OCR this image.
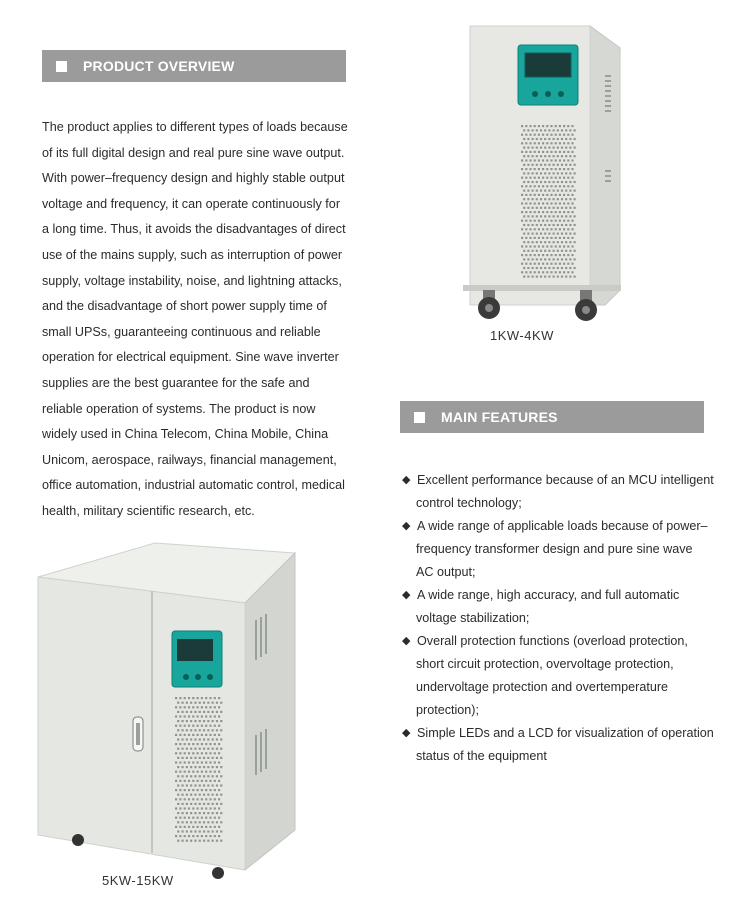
PRODUCT OVERVIEW
The product applies to different types of loads because
of its full digital design and real pure sine wave output.
With power–frequency design and highly stable output
voltage and frequency, it can operate continuously for
a long time. Thus, it avoids the disadvantages of direct
use of the mains supply, such as interruption of power
supply, voltage instability, noise, and lightning attacks,
and the disadvantage of short power supply time of
small UPSs, guaranteeing continuous and reliable
operation for electrical equipment. Sine wave inverter
supplies are the best guarantee for the safe and
reliable operation of systems. The product is now
widely used in China Telecom, China Mobile, China
Unicom, aerospace, railways, financial management,
office automation, industrial automatic control, medical
health, military scientific research, etc.
1KW-4KW
MAIN FEATURES
◆ Excellent performance because of an MCU intelligent
control technology;
◆ A wide range of applicable loads because of power–
frequency transformer design and pure sine wave
AC output;
◆ A wide range, high accuracy, and full automatic
voltage stabilization;
◆ Overall protection functions (overload protection,
short circuit protection, overvoltage protection,
undervoltage protection and overtemperature
protection);
◆ Simple LEDs and a LCD for visualization of operation
status of the equipment
5KW-15KW
